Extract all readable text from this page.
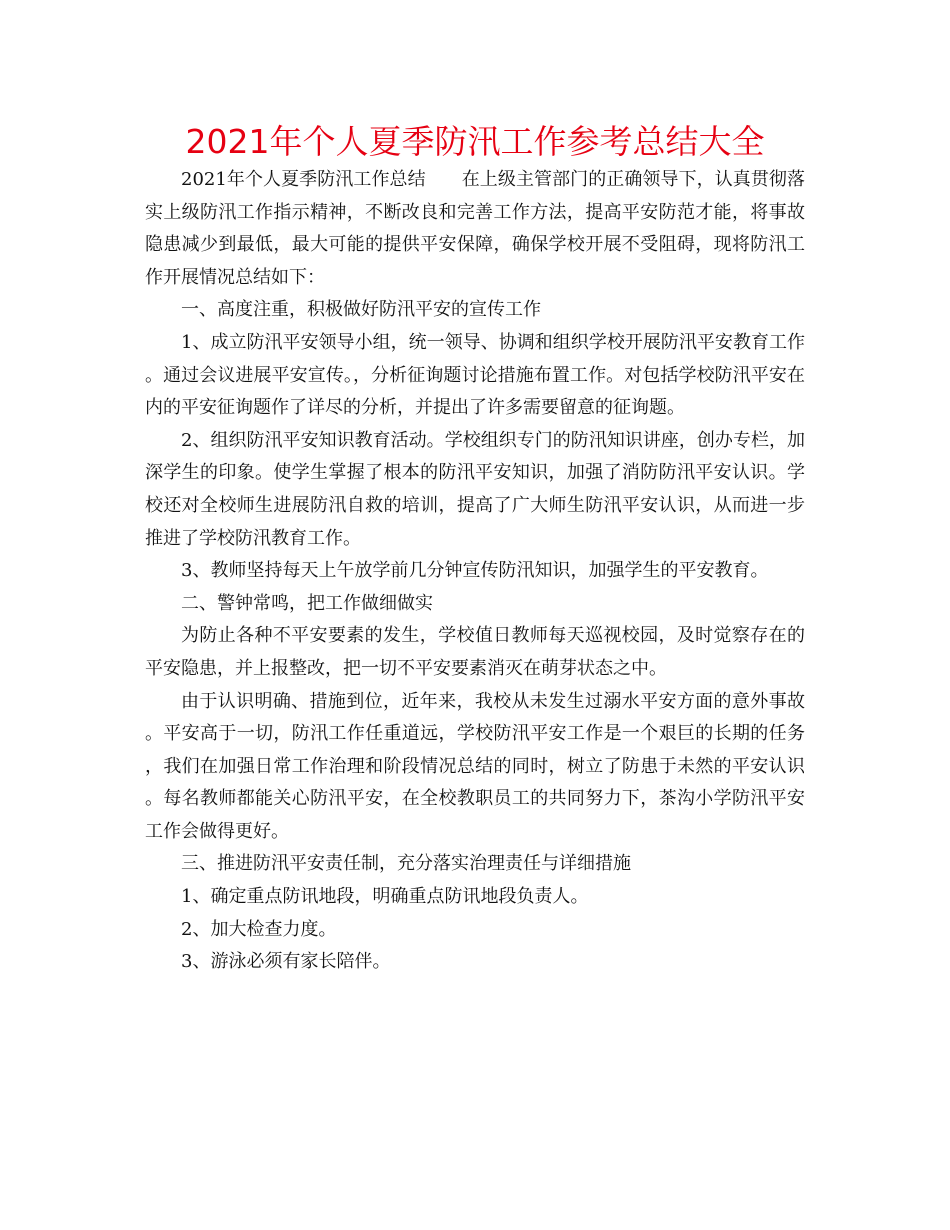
2021年个人夏季防汛工作参考总结大全

2021年个人夏季防汛工作总结 在上级主管部门的正确领导下，认真贯彻落实上级防汛工作指示精神，不断改良和完善工作方法，提高平安防范才能，将事故隐患减少到最低，最大可能的提供平安保障，确保学校开展不受阻碍，现将防汛工作开展情况总结如下：

一、高度注重，积极做好防汛平安的宣传工作

1、成立防汛平安领导小组，统一领导、协调和组织学校开展防汛平安教育工作。通过会议进展平安宣传。，分析征询题讨论措施布置工作。对包括学校防汛平安在内的平安征询题作了详尽的分析，并提出了许多需要留意的征询题。

2、组织防汛平安知识教育活动。学校组织专门的防汛知识讲座，创办专栏，加深学生的印象。使学生掌握了根本的防汛平安知识，加强了消防防汛平安认识。学校还对全校师生进展防汛自救的培训，提高了广大师生防汛平安认识，从而进一步推进了学校防汛教育工作。

3、教师坚持每天上午放学前几分钟宣传防汛知识，加强学生的平安教育。

二、警钟常鸣，把工作做细做实

为防止各种不平安要素的发生，学校值日教师每天巡视校园，及时觉察存在的平安隐患，并上报整改，把一切不平安要素消灭在萌芽状态之中。

由于认识明确、措施到位，近年来，我校从未发生过溺水平安方面的意外事故。平安高于一切，防汛工作任重道远，学校防汛平安工作是一个艰巨的长期的任务，我们在加强日常工作治理和阶段情况总结的同时，树立了防患于未然的平安认识。每名教师都能关心防汛平安，在全校教职员工的共同努力下，茶沟小学防汛平安工作会做得更好。

三、推进防汛平安责任制，充分落实治理责任与详细措施

1、确定重点防讯地段，明确重点防讯地段负责人。

2、加大检查力度。

3、游泳必须有家长陪伴。
